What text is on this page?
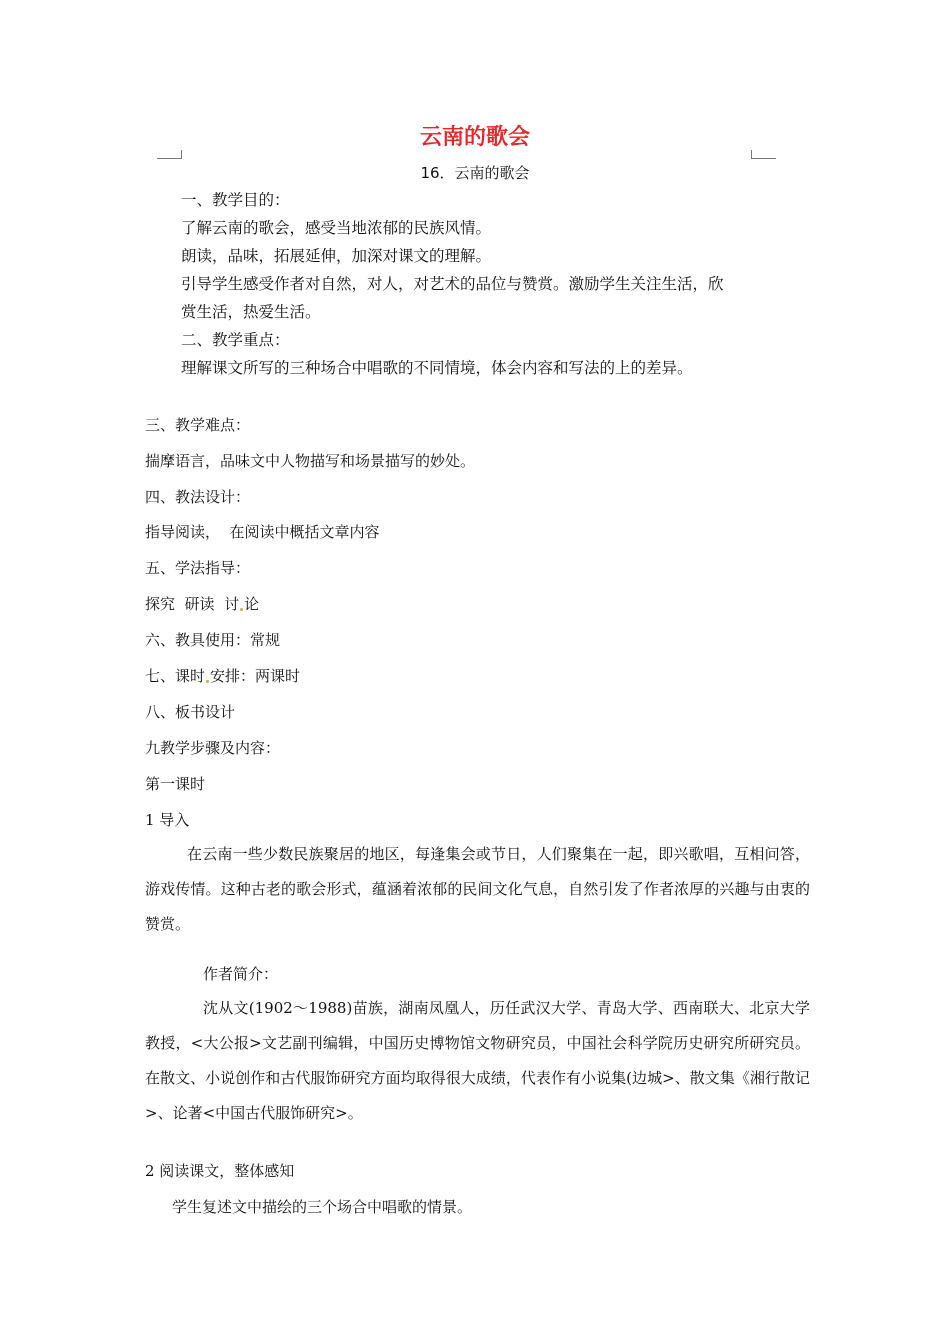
云南的歌会
16．云南的歌会

一、教学目的：

了解云南的歌会，感受当地浓郁的民族风情。

朗读，品味，拓展延伸，加深对课文的理解。

引导学生感受作者对自然，对人，对艺术的品位与赞赏。激励学生关注生活，欣

赏生活，热爱生活。

二、教学重点：

理解课文所写的三种场合中唱歌的不同情境，体会内容和写法的上的差异。

三、教学难点：
揣摩语言，品味文中人物描写和场景描写的妙处。
四、教法设计：
指导阅读，  在阅读中概括文章内容
五、学法指导：
探究  研读  讨 论
六、教具使用：常规
七、课时 安排：两课时
八、板书设计
九教学步骤及内容：
第一课时
1 导入

在云南一些少数民族聚居的地区，每逢集会或节日，人们聚集在一起，即兴歌唱，互相问答，游戏传情。这种古老的歌会形式，蕴涵着浓郁的民间文化气息，自然引发了作者浓厚的兴趣与由衷的赞赏。

作者简介：

沈从文(1902～1988)苗族，湖南凤凰人，历任武汉大学、青岛大学、西南联大、北京大学教授，<大公报>文艺副刊编辑，中国历史博物馆文物研究员，中国社会科学院历史研究所研究员。在散文、小说创作和古代服饰研究方面均取得很大成绩，代表作有小说集(边城>、散文集《湘行散记>、论著<中国古代服饰研究>。

2 阅读课文，整体感知
学生复述文中描绘的三个场合中唱歌的情景。
